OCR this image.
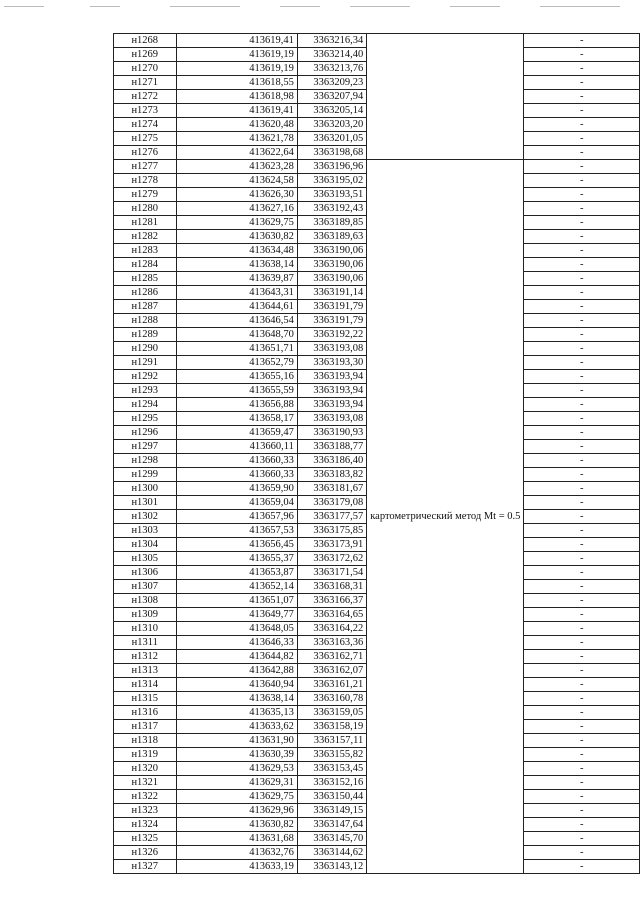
н1268	413619,41	3363216,34		-
н1269	413619,19	3363214,40		-
н1270	413619,19	3363213,76		-
н1271	413618,55	3363209,23		-
н1272	413618,98	3363207,94		-
н1273	413619,41	3363205,14		-
н1274	413620,48	3363203,20		-
н1275	413621,78	3363201,05		-
н1276	413622,64	3363198,68		-
н1277	413623,28	3363196,96	картометрический метод Mt = 0.5	-
н1278	413624,58	3363195,02		-
н1279	413626,30	3363193,51		-
н1280	413627,16	3363192,43		-
н1281	413629,75	3363189,85		-
н1282	413630,82	3363189,63		-
н1283	413634,48	3363190,06		-
н1284	413638,14	3363190,06		-
н1285	413639,87	3363190,06		-
н1286	413643,31	3363191,14		-
н1287	413644,61	3363191,79		-
н1288	413646,54	3363191,79		-
н1289	413648,70	3363192,22		-
н1290	413651,71	3363193,08		-
н1291	413652,79	3363193,30		-
н1292	413655,16	3363193,94		-
н1293	413655,59	3363193,94		-
н1294	413656,88	3363193,94		-
н1295	413658,17	3363193,08		-
н1296	413659,47	3363190,93		-
н1297	413660,11	3363188,77		-
н1298	413660,33	3363186,40		-
н1299	413660,33	3363183,82		-
н1300	413659,90	3363181,67		-
н1301	413659,04	3363179,08		-
н1302	413657,96	3363177,57		-
н1303	413657,53	3363175,85		-
н1304	413656,45	3363173,91		-
н1305	413655,37	3363172,62		-
н1306	413653,87	3363171,54		-
н1307	413652,14	3363168,31		-
н1308	413651,07	3363166,37		-
н1309	413649,77	3363164,65		-
н1310	413648,05	3363164,22		-
н1311	413646,33	3363163,36		-
н1312	413644,82	3363162,71		-
н1313	413642,88	3363162,07		-
н1314	413640,94	3363161,21		-
н1315	413638,14	3363160,78		-
н1316	413635,13	3363159,05		-
н1317	413633,62	3363158,19		-
н1318	413631,90	3363157,11		-
н1319	413630,39	3363155,82		-
н1320	413629,53	3363153,45		-
н1321	413629,31	3363152,16		-
н1322	413629,75	3363150,44		-
н1323	413629,96	3363149,15		-
н1324	413630,82	3363147,64		-
н1325	413631,68	3363145,70		-
н1326	413632,76	3363144,62		-
н1327	413633,19	3363143,12		-
